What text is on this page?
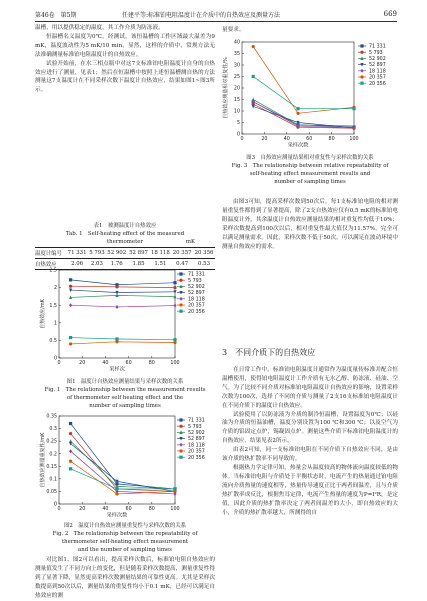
第46卷　第5期	任建平等:标准铂电阻温度计在介质中的自热效应及测量方法	669

温槽，用以提供稳定的温度，其工作介质为防冻液。

恒温槽名义温度为0℃，经测试，该恒温槽的工作区域最大温差为9 mK，温度波动性为5 mK/10 min，显然，这样的介质中，常规方法无法准确测量标准铂电阻温度计的自热效应。

试验开始前，在水三相点瓶中对这7支标准铂电阻温度计自身的自热效应进行了测量，见表1；然后在恒温槽中按照上述恒温槽测自热的方法测量这7支温度计在不同采样次数下温度计自热效应，结果如图1~图3所示。

表1　被测温度计自热效应
Tab. 1　Self-heating effect of the measured
thermometer	mK
温度计编号	71 331	5 793	52 902	52 897	18 118	20 357	20 356
自热效应	2.06	2.03	1.76	1.85	1.51	0.47	0.53
0
0.5
1
1.5
2
2.5
0	20	40	60	80	100
采样次
自热效应/mK
71 331
5 793
52 902
52 897
18 118
20 357
20 356
图1　温度计自热效应测量结果与采样次数的关系
Fig. 1　The relationship between the measurement results
of thermometer self heating effect and the
number of sampling times
0
0.05
0.1
0.15
0.2
0.25
0.3
0.35
0	20	40	60	80	100
采样次数
自热效应测量重复性/mK
71 331
5 793
52 902
52 897
18 118
20 357
20 356
图2　温度计自热效应测量重复性与采样次数的关系
Fig. 2　The relationship between the repeatability of
thermometer self-heating effect measurement
and the number of sampling times

对比图1、图2可以看出，提高采样次数后，标准铂电阻自热效应的测量值发生了不同方向上的变化，但是随着采样次数提高，测量重复性得到了显著下降，显然更高采样次数测量结果的可靠性更高。尤其是采样次数提高到50次以后，测量结果的重复性均小于0.1 mK，已经可以满足自热效应的测

量要求。

0
5
10
15
20
25
30
35
40
0	20	40	60	80	100
采样次数
自热效应测量相对重复性/%
71 331
5 793
52 902
52 897
18 118
20 357
20 356
图3　自热效应测量结果相对重复性与采样次数的关系
Fig. 3　The relationship between relative repeatability of
self-heating effect measurement results and
number of sampling times

由图3可知，提高采样次数到50次后，每1支标准铂电阻的相对测量重复性都得到了显著提高，除了2支自热效应仅有0.5 mK的标准铂电阻温度计外，其余温度计自热效应测量结果的相对重复性均低于10%；采样次数提高到100次以后，相对重复性最大值仅为11.57%，完全可以满足测量需求。因此，采样次数不低于50次，可以满足在波动环境中测量自热效应的需求。

3　不同介质下的自热效应

在日常工作中，标准铂电阻温度计通常作为温度量传标准并配合恒温槽使用，使得铂电阻温度计工作介质有无水乙醇、防冻液、硅油、空气。为了比较不同介质对标准铂电阻温度计自热效应的影响，设置采样次数为100次，选择了不同的介质与测量了2支16支标准铂电阻温度计在不同介质下的温度计自热效应。

试验使用了以防冻液为介质的制冷恒温槽，设置温度为0℃；以硅油为介质的恒温油槽，温度分别设置为100 ℃和300 ℃；以及空气为介质的铝固定点炉，锡凝固点炉。测量这些介质下标准铂电阻温度计的自热效应，结果见表2所示。

由表2可知，同一支标准铂电阻在不同介质下自热效应不同，是由该介质的热扩散率不同导致的。

根据热力学定律可知，热量会从温度较高的物体流向温度较低的物体。当标准铂电阻与介质处于平衡状态时，电流产生的热量通过铂电阻流向介质热量的速度相等，热量传导速度正比于两者间温差，且与介质热扩散率成反比，根据焦耳定律，电流产生热量的速度为P=I²R，是定值，因此介质的热扩散率决定了两者间温差的大小，即自热效应的大小，介质的热扩散率越大，所测得的自
